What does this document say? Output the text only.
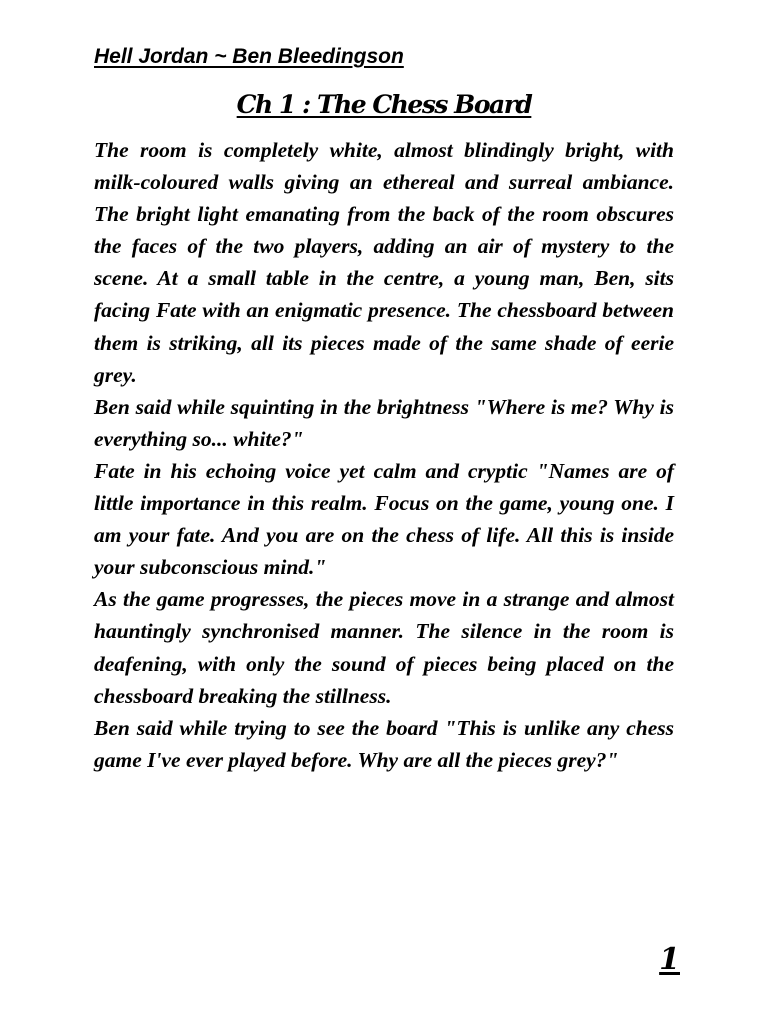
Hell Jordan ~ Ben Bleedingson
Ch 1 : The Chess Board

The room is completely white, almost blindingly bright, with milk-coloured walls giving an ethereal and surreal ambiance. The bright light emanating from the back of the room obscures the faces of the two players, adding an air of mystery to the scene. At a small table in the centre, a young man, Ben, sits facing Fate with an enigmatic presence. The chessboard between them is striking, all its pieces made of the same shade of eerie grey.

Ben said while squinting in the brightness "Where is me? Why is everything so... white?"

Fate in his echoing voice yet calm and cryptic "Names are of little importance in this realm. Focus on the game, young one. I am your fate. And you are on the chess of life. All this is inside your subconscious mind."

As the game progresses, the pieces move in a strange and almost hauntingly synchronised manner. The silence in the room is deafening, with only the sound of pieces being placed on the chessboard breaking the stillness.

Ben said while trying to see the board "This is unlike any chess game I've ever played before. Why are all the pieces grey?"

1
